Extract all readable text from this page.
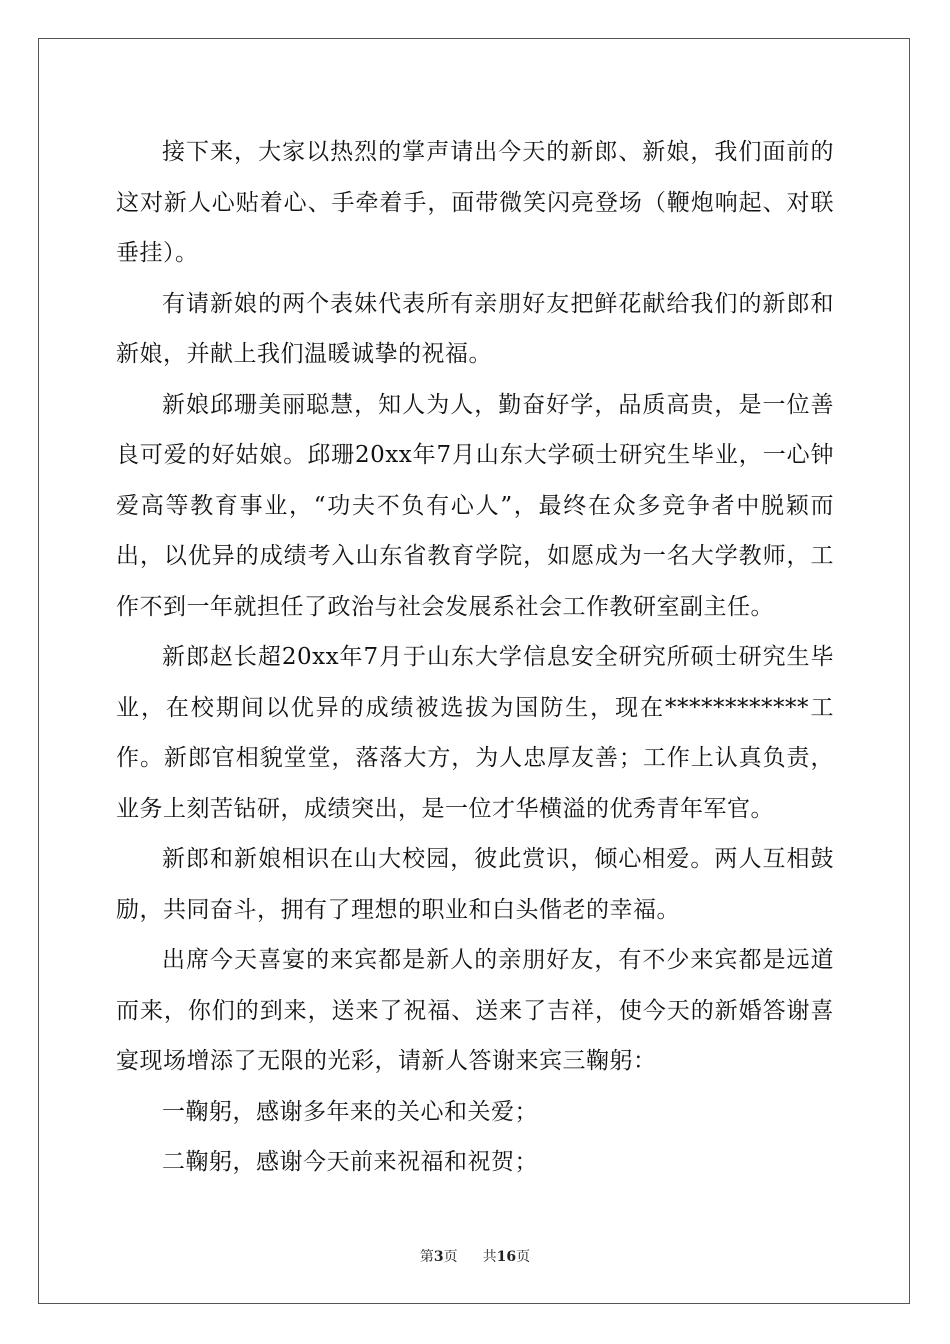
接下来，大家以热烈的掌声请出今天的新郎、新娘，我们面前的这对新人心贴着心、手牵着手，面带微笑闪亮登场（鞭炮响起、对联垂挂）。

有请新娘的两个表妹代表所有亲朋好友把鲜花献给我们的新郎和新娘，并献上我们温暖诚挚的祝福。

新娘邱珊美丽聪慧，知人为人，勤奋好学，品质高贵，是一位善良可爱的好姑娘。邱珊20xx年7月山东大学硕士研究生毕业，一心钟爱高等教育事业，“功夫不负有心人”，最终在众多竞争者中脱颖而出，以优异的成绩考入山东省教育学院，如愿成为一名大学教师，工作不到一年就担任了政治与社会发展系社会工作教研室副主任。

新郎赵长超20xx年7月于山东大学信息安全研究所硕士研究生毕业，在校期间以优异的成绩被选拔为国防生，现在************工作。新郎官相貌堂堂，落落大方，为人忠厚友善；工作上认真负责，业务上刻苦钻研，成绩突出，是一位才华横溢的优秀青年军官。

新郎和新娘相识在山大校园，彼此赏识，倾心相爱。两人互相鼓励，共同奋斗，拥有了理想的职业和白头偕老的幸福。

出席今天喜宴的来宾都是新人的亲朋好友，有不少来宾都是远道而来，你们的到来，送来了祝福、送来了吉祥，使今天的新婚答谢喜宴现场增添了无限的光彩，请新人答谢来宾三鞠躬：

一鞠躬，感谢多年来的关心和关爱；

二鞠躬，感谢今天前来祝福和祝贺；

第3页 共16页
